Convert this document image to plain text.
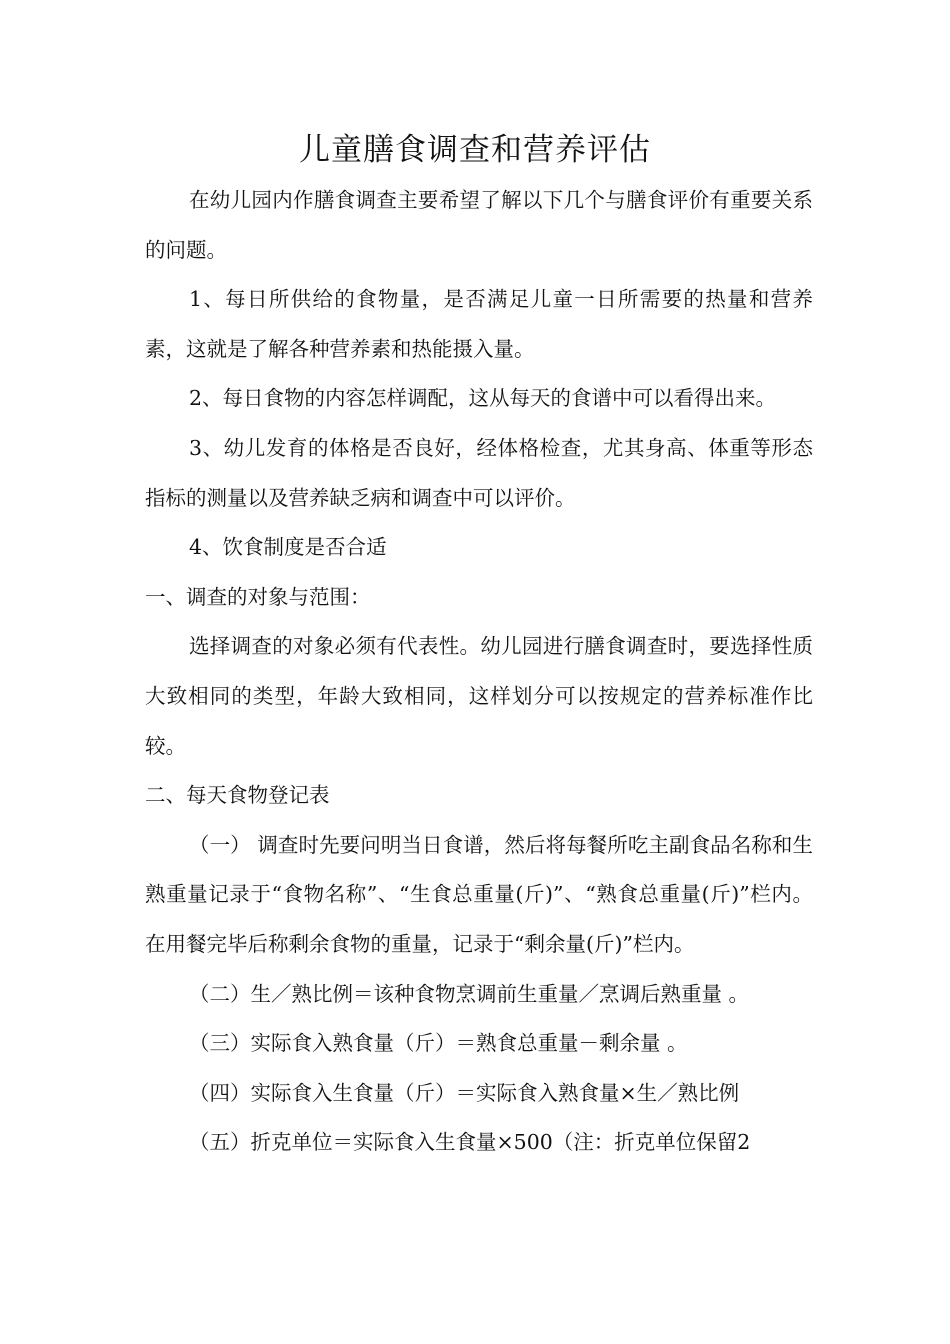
儿童膳食调查和营养评估

在幼儿园内作膳食调查主要希望了解以下几个与膳食评价有重要关系的问题。

1、每日所供给的食物量，是否满足儿童一日所需要的热量和营养素，这就是了解各种营养素和热能摄入量。

2、每日食物的内容怎样调配，这从每天的食谱中可以看得出来。

3、幼儿发育的体格是否良好，经体格检查，尤其身高、体重等形态指标的测量以及营养缺乏病和调查中可以评价。

4、饮食制度是否合适

一、调查的对象与范围：

选择调查的对象必须有代表性。幼儿园进行膳食调查时，要选择性质大致相同的类型，年龄大致相同，这样划分可以按规定的营养标准作比较。

二、每天食物登记表

（一） 调查时先要问明当日食谱，然后将每餐所吃主副食品名称和生熟重量记录于“食物名称”、“生食总重量(斤)”、“熟食总重量(斤)”栏内。在用餐完毕后称剩余食物的重量，记录于“剩余量(斤)”栏内。

（二）生／熟比例＝该种食物烹调前生重量／烹调后熟重量 。

（三）实际食入熟食量（斤）＝熟食总重量－剩余量 。

（四）实际食入生食量（斤）＝实际食入熟食量×生／熟比例

（五）折克单位＝实际食入生食量×500（注：折克单位保留2
